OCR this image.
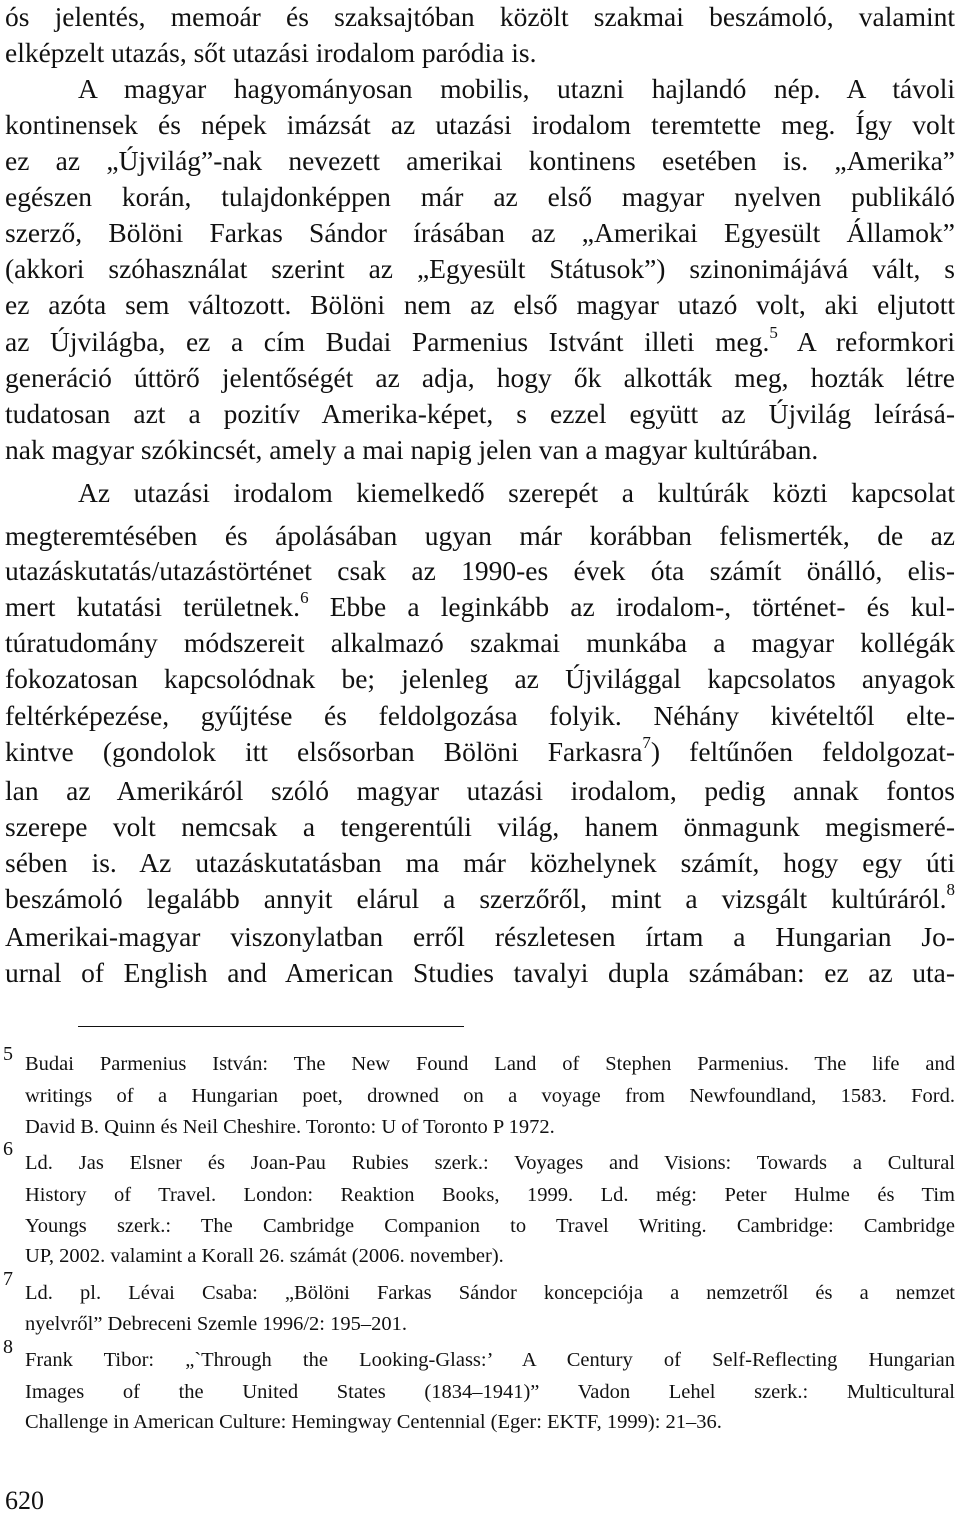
ós jelentés, memoár és szaksajtóban közölt szakmai beszámoló, valamint
elképzelt utazás, sőt utazási irodalom paródia is.
A magyar hagyományosan mobilis, utazni hajlandó nép. A távoli
kontinensek és népek imázsát az utazási irodalom teremtette meg. Így volt
ez az „Újvilág”-nak nevezett amerikai kontinens esetében is. „Amerika”
egészen korán, tulajdonképpen már az első magyar nyelven publikáló
szerző, Bölöni Farkas Sándor írásában az „Amerikai Egyesült Államok”
(akkori szóhasználat szerint az „Egyesült Státusok”) szinonimájává vált, s
ez azóta sem változott. Bölöni nem az első magyar utazó volt, aki eljutott
az Újvilágba, ez a cím Budai Parmenius Istvánt illeti meg.$^5$ A reformkori
generáció úttörő jelentőségét az adja, hogy ők alkották meg, hozták létre
tudatosan azt a pozitív Amerika-képet, s ezzel együtt az Újvilág leírásá-
nak magyar szókincsét, amely a mai napig jelen van a magyar kultúrában.
Az utazási irodalom kiemelkedő szerepét a kultúrák közti kapcsolat
megteremtésében és ápolásában ugyan már korábban felismerték, de az
utazáskutatás/utazástörténet csak az 1990-es évek óta számít önálló, elis-
mert kutatási területnek.$^6$ Ebbe a leginkább az irodalom-, történet- és kul-
túratudomány módszereit alkalmazó szakmai munkába a magyar kollégák
fokozatosan kapcsolódnak be; jelenleg az Újvilággal kapcsolatos anyagok
feltérképezése, gyűjtése és feldolgozása folyik. Néhány kivételtől elte-
kintve (gondolok itt elsősorban Bölöni Farkasra$^7$) feltűnően feldolgozat-
lan az Amerikáról szóló magyar utazási irodalom, pedig annak fontos
szerepe volt nemcsak a tengerentúli világ, hanem önmagunk megismeré-
sében is. Az utazáskutatásban ma már közhelynek számít, hogy egy úti
beszámoló legalább annyit elárul a szerzőről, mint a vizsgált kultúráról.$^8$
Amerikai-magyar viszonylatban erről részletesen írtam a Hungarian Jo-
urnal of English and American Studies tavalyi dupla számában: ez az uta-
5 Budai Parmenius István: The New Found Land of Stephen Parmenius. The life and
writings of a Hungarian poet, drowned on a voyage from Newfoundland, 1583. Ford.
David B. Quinn és Neil Cheshire. Toronto: U of Toronto P 1972.
6
Ld. Jas Elsner és Joan-Pau Rubies szerk.: Voyages and Visions: Towards a Cultural
History of Travel. London: Reaktion Books, 1999. Ld. még: Peter Hulme és Tim
Youngs szerk.: The Cambridge Companion to Travel Writing. Cambridge: Cambridge
UP, 2002. valamint a Korall 26. számát (2006. november).
7
Ld. pl. Lévai Csaba: „Bölöni Farkas Sándor koncepciója a nemzetről és a nemzet
nyelvről” Debreceni Szemle 1996/2: 195–201.
8
Frank Tibor: „`Through the Looking-Glass:’ A Century of Self-Reflecting Hungarian
Images of the United States (1834–1941)” Vadon Lehel szerk.: Multicultural
Challenge in American Culture: Hemingway Centennial (Eger: EKTF, 1999): 21–36.
620
